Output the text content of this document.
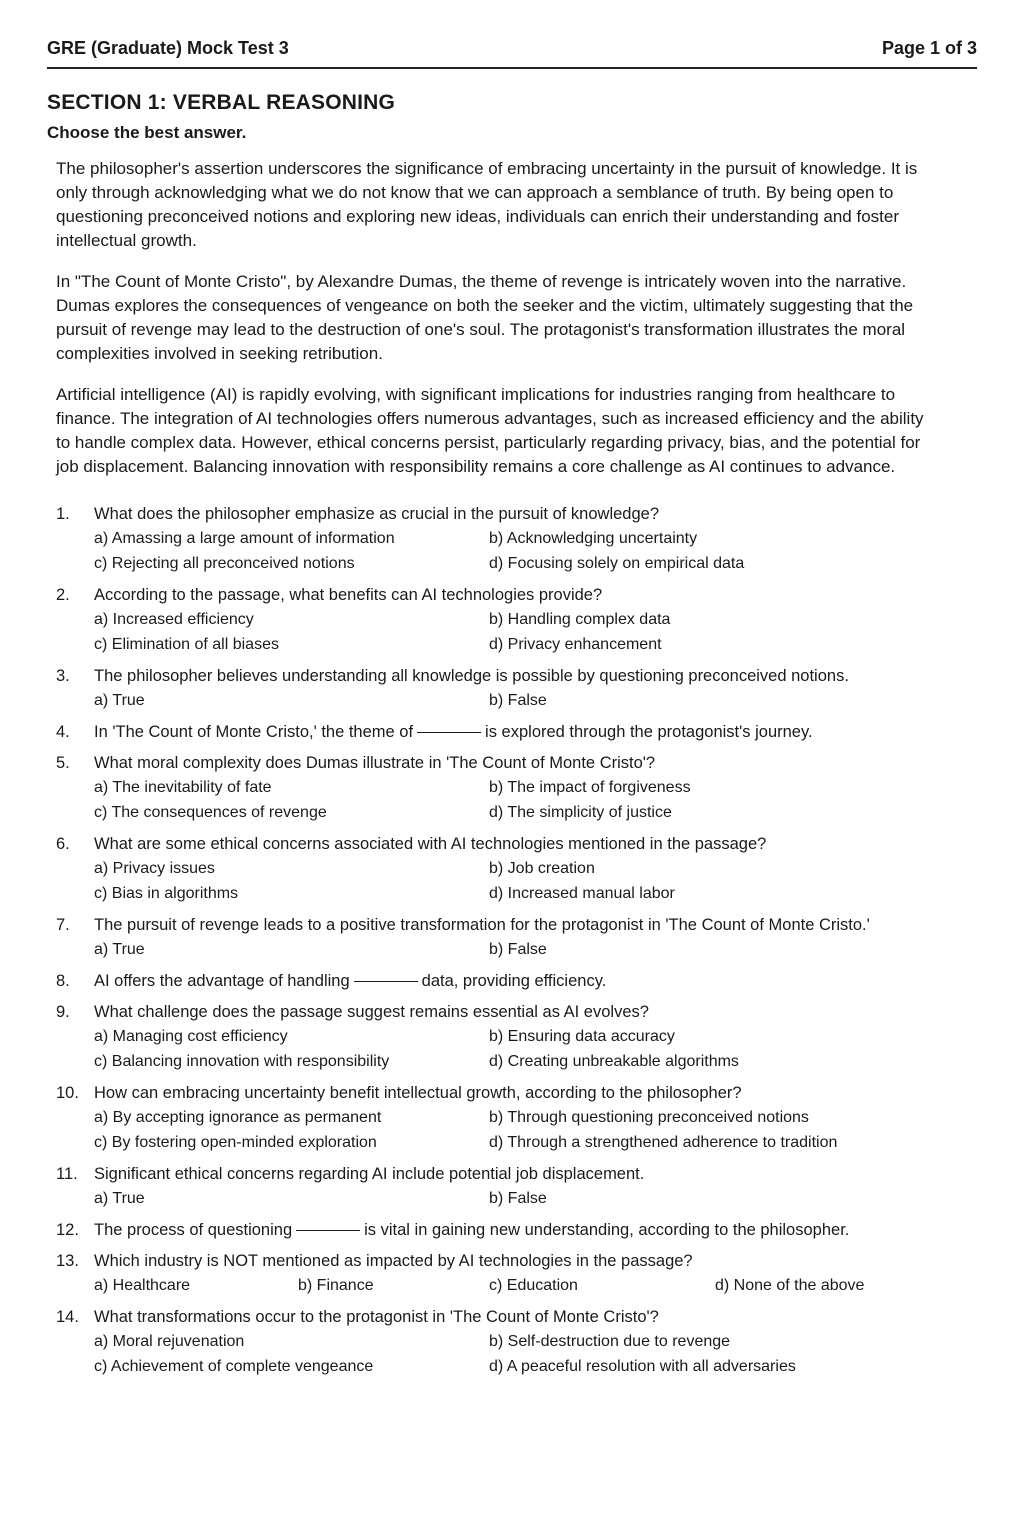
GRE (Graduate) Mock Test 3	Page 1 of 3
SECTION 1: VERBAL REASONING
Choose the best answer.
The philosopher's assertion underscores the significance of embracing uncertainty in the pursuit of knowledge. It is only through acknowledging what we do not know that we can approach a semblance of truth. By being open to questioning preconceived notions and exploring new ideas, individuals can enrich their understanding and foster intellectual growth.
In "The Count of Monte Cristo", by Alexandre Dumas, the theme of revenge is intricately woven into the narrative. Dumas explores the consequences of vengeance on both the seeker and the victim, ultimately suggesting that the pursuit of revenge may lead to the destruction of one's soul. The protagonist's transformation illustrates the moral complexities involved in seeking retribution.
Artificial intelligence (AI) is rapidly evolving, with significant implications for industries ranging from healthcare to finance. The integration of AI technologies offers numerous advantages, such as increased efficiency and the ability to handle complex data. However, ethical concerns persist, particularly regarding privacy, bias, and the potential for job displacement. Balancing innovation with responsibility remains a core challenge as AI continues to advance.
1.	What does the philosopher emphasize as crucial in the pursuit of knowledge?
a) Amassing a large amount of information	b) Acknowledging uncertainty
c) Rejecting all preconceived notions	d) Focusing solely on empirical data
2.	According to the passage, what benefits can AI technologies provide?
a) Increased efficiency	b) Handling complex data
c) Elimination of all biases	d) Privacy enhancement
3.	The philosopher believes understanding all knowledge is possible by questioning preconceived notions.
a) True	b) False
4.	In 'The Count of Monte Cristo,' the theme of	is explored through the protagonist's journey.
5.	What moral complexity does Dumas illustrate in 'The Count of Monte Cristo'?
a) The inevitability of fate	b) The impact of forgiveness
c) The consequences of revenge	d) The simplicity of justice
6.	What are some ethical concerns associated with AI technologies mentioned in the passage?
a) Privacy issues	b) Job creation
c) Bias in algorithms	d) Increased manual labor
7.	The pursuit of revenge leads to a positive transformation for the protagonist in 'The Count of Monte Cristo.'
a) True	b) False
8.	AI offers the advantage of handling	data, providing efficiency.
9.	What challenge does the passage suggest remains essential as AI evolves?
a) Managing cost efficiency	b) Ensuring data accuracy
c) Balancing innovation with responsibility	d) Creating unbreakable algorithms
10. How can embracing uncertainty benefit intellectual growth, according to the philosopher?
a) By accepting ignorance as permanent	b) Through questioning preconceived notions
c) By fostering open-minded exploration	d) Through a strengthened adherence to tradition
11. Significant ethical concerns regarding AI include potential job displacement.
a) True	b) False
12. The process of questioning	is vital in gaining new understanding, according to the philosopher.
13. Which industry is NOT mentioned as impacted by AI technologies in the passage?
a) Healthcare	b) Finance	c) Education	d) None of the above
14. What transformations occur to the protagonist in 'The Count of Monte Cristo'?
a) Moral rejuvenation	b) Self-destruction due to revenge
c) Achievement of complete vengeance	d) A peaceful resolution with all adversaries
